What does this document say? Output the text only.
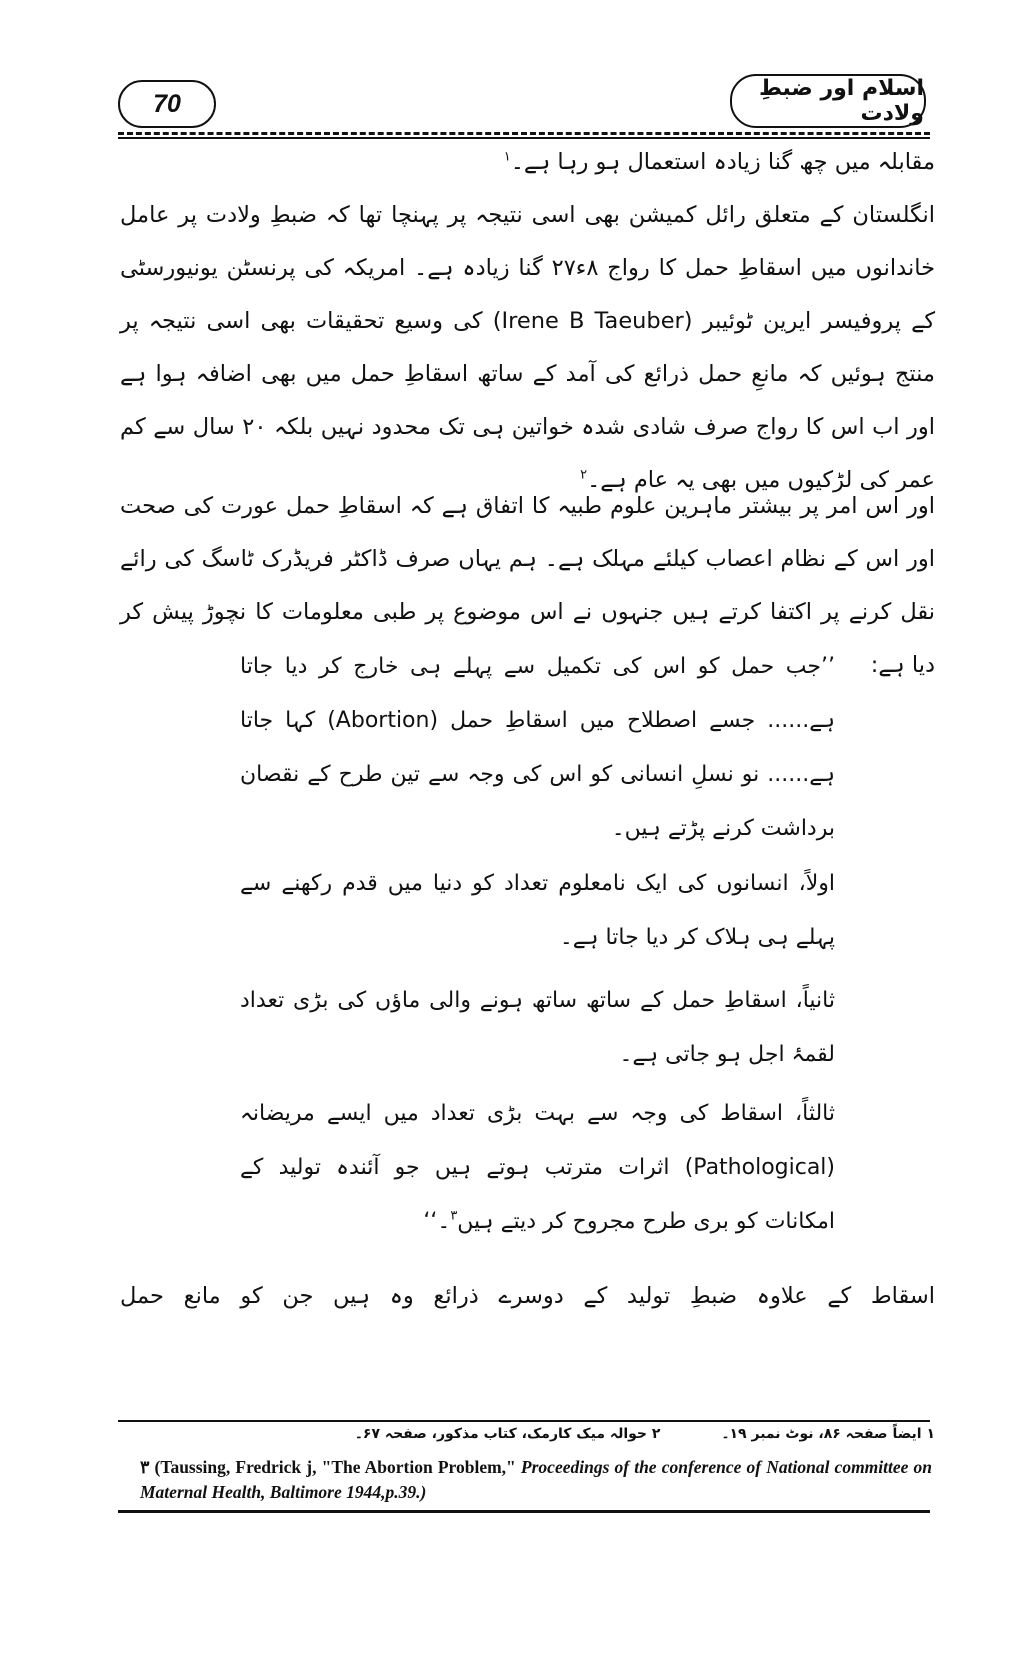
70
اسلام اور ضبطِ ولادت
مقابلہ میں چھ گنا زیادہ استعمال ہو رہا ہے۔$^۱$
انگلستان کے متعلق رائل کمیشن بھی اسی نتیجہ پر پہنچا تھا کہ ضبطِ ولادت پر عامل خاندانوں میں اسقاطِ حمل کا رواج ۸ء۲۷ گنا زیادہ ہے۔ امریکہ کی پرنسٹن یونیورسٹی کے پروفیسر ایرین ٹوئیبر (Irene B Taeuber) کی وسیع تحقیقات بھی اسی نتیجہ پر منتج ہوئیں کہ مانعِ حمل ذرائع کی آمد کے ساتھ اسقاطِ حمل میں بھی اضافہ ہوا ہے اور اب اس کا رواج صرف شادی شدہ خواتین ہی تک محدود نہیں بلکہ ۲۰ سال سے کم عمر کی لڑکیوں میں بھی یہ عام ہے۔$^۲$
اور اس امر پر بیشتر ماہرین علوم طبیہ کا اتفاق ہے کہ اسقاطِ حمل عورت کی صحت اور اس کے نظام اعصاب کیلئے مہلک ہے۔ ہم یہاں صرف ڈاکٹر فریڈرک ٹاسگ کی رائے نقل کرنے پر اکتفا کرتے ہیں جنہوں نے اس موضوع پر طبی معلومات کا نچوڑ پیش کر دیا ہے:
’’جب حمل کو اس کی تکمیل سے پہلے ہی خارج کر دیا جاتا ہے...... جسے اصطلاح میں اسقاطِ حمل (Abortion) کہا جاتا ہے...... نو نسلِ انسانی کو اس کی وجہ سے تین طرح کے نقصان برداشت کرنے پڑتے ہیں۔
اولاً، انسانوں کی ایک نامعلوم تعداد کو دنیا میں قدم رکھنے سے پہلے ہی ہلاک کر دیا جاتا ہے۔
ثانیاً، اسقاطِ حمل کے ساتھ ساتھ ہونے والی ماؤں کی بڑی تعداد لقمۂ اجل ہو جاتی ہے۔
ثالثاً، اسقاط کی وجہ سے بہت بڑی تعداد میں ایسے مریضانہ (Pathological) اثرات مترتب ہوتے ہیں جو آئندہ تولید کے امکانات کو بری طرح مجروح کر دیتے ہیں$^۳$۔‘‘
اسقاط کے علاوہ ضبطِ تولید کے دوسرے ذرائع وہ ہیں جن کو مانع حمل
۱ ایضاً صفحہ ۸۶، نوٹ نمبر ۱۹۔ ۲ حوالہ میک کارمک، کتاب مذکور، صفحہ ۶۷۔
۳ (Taussing, Fredrick j, "The Abortion Problem," Proceedings of the conference of National committee on Maternal Health, Baltimore 1944,p.39.)
